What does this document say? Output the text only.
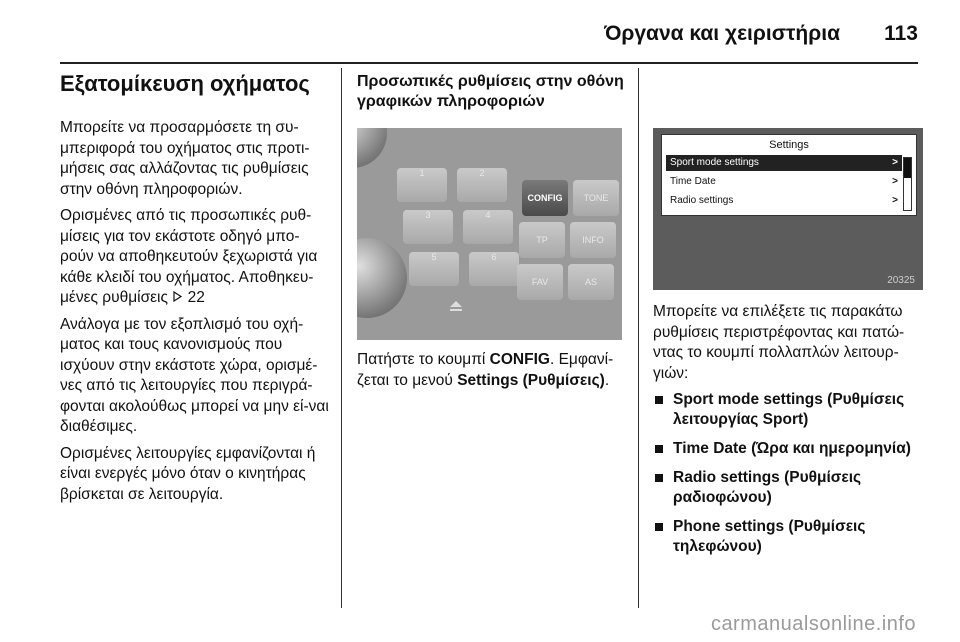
Όργανα και χειριστήρια 113
Εξατομίκευση οχήματος

Μπορείτε να προσαρμόσετε τη συ-μπεριφορά του οχήματος στις προτι-μήσεις σας αλλάζοντας τις ρυθμίσεις στην οθόνη πληροφοριών.

Ορισμένες από τις προσωπικές ρυθ-μίσεις για τον εκάστοτε οδηγό μπο-ρούν να αποθηκευτούν ξεχωριστά για κάθε κλειδί του οχήματος. Αποθηκευ-μένες ρυθμίσεις 22

Ανάλογα με τον εξοπλισμό του οχή-ματος και τους κανονισμούς που ισχύουν στην εκάστοτε χώρα, ορισμέ-νες από τις λειτουργίες που περιγρά-φονται ακολούθως μπορεί να μην εί-ναι διαθέσιμες.

Ορισμένες λειτουργίες εμφανίζονται ή είναι ενεργές μόνο όταν ο κινητήρας βρίσκεται σε λειτουργία.

Προσωπικές ρυθμίσεις στην οθόνη γραφικών πληροφοριών
1	2
3	4
5	6
CONFIG	TONE
TP	INFO
FAV	AS
Πατήστε το κουμπί CONFIG. Εμφανί-ζεται το μενού Settings (Ρυθμίσεις).
Settings
Sport mode settings	>
Time Date	>
Radio settings	>
20325

Μπορείτε να επιλέξετε τις παρακάτω ρυθμίσεις περιστρέφοντας και πατώ-ντας το κουμπί πολλαπλών λειτουρ-γιών:

Sport mode settings (Ρυθμίσεις λειτουργίας Sport)
Time Date (Ώρα και ημερομηνία)
Radio settings (Ρυθμίσεις ραδιοφώνου)
Phone settings (Ρυθμίσεις τηλεφώνου)
carmanualsonline.info
